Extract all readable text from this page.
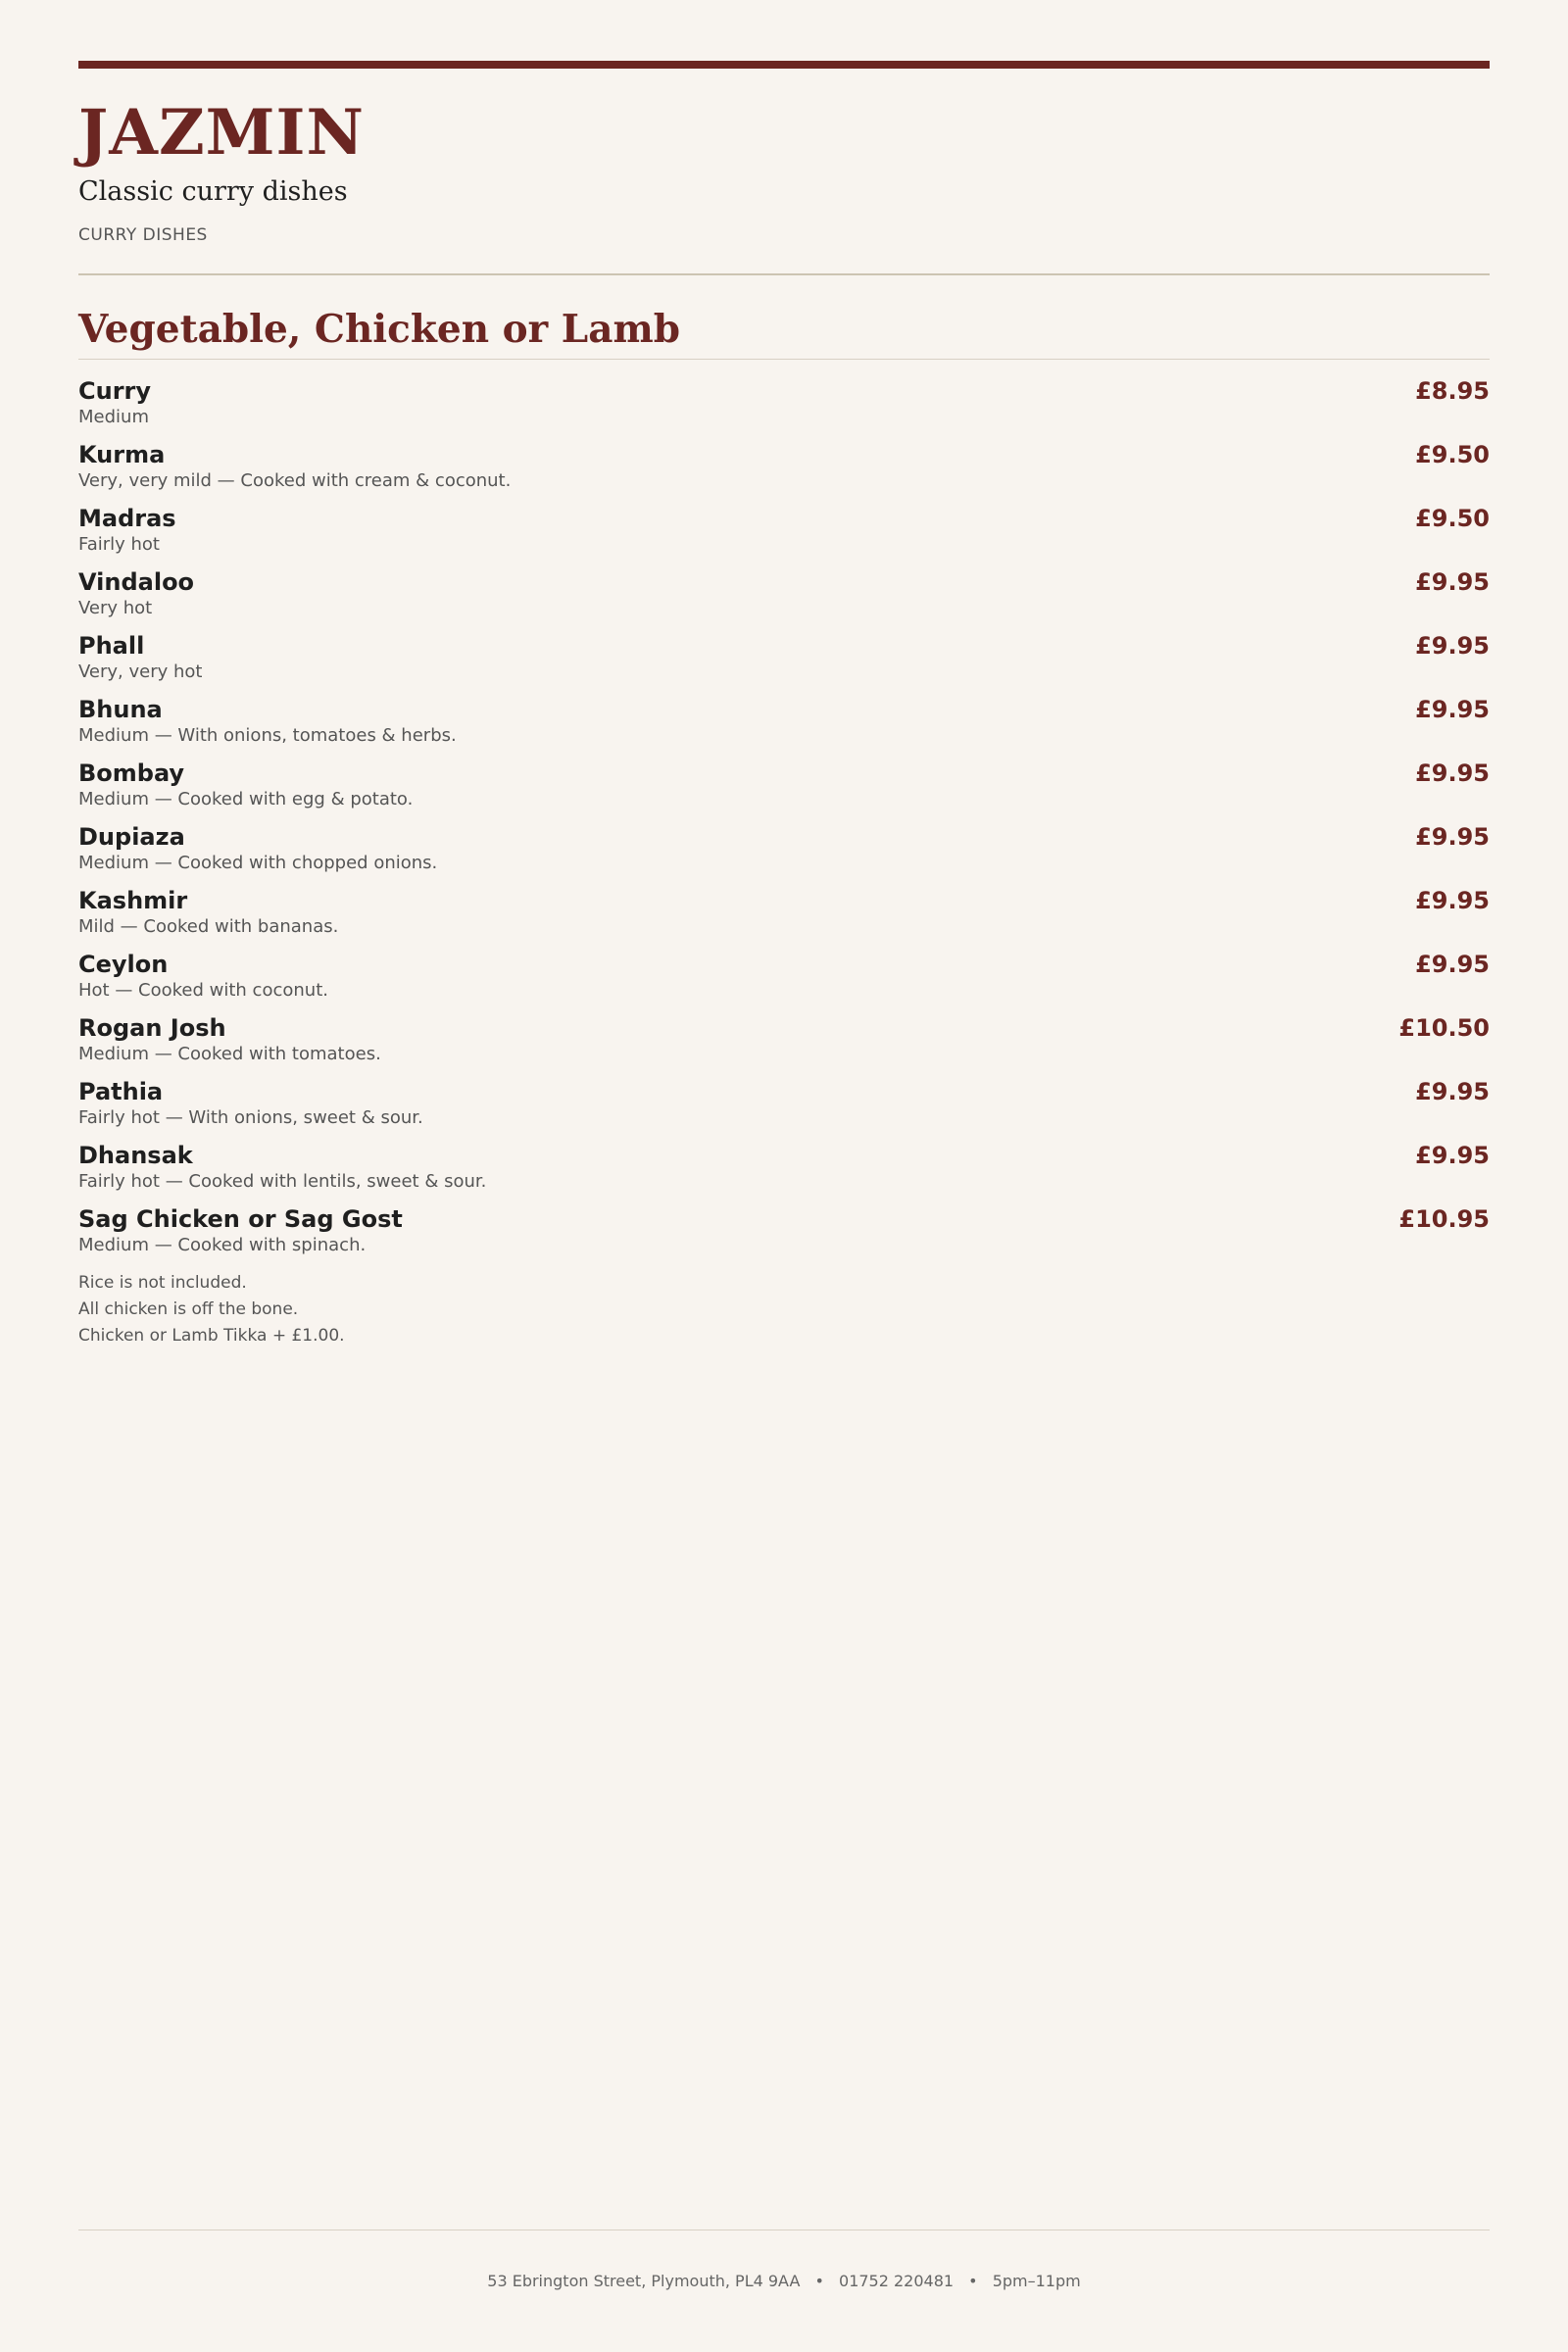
JAZMIN
Classic curry dishes
CURRY DISHES
Vegetable, Chicken or Lamb
Curry	£8.95
Medium
Kurma	£9.50
Very, very mild — Cooked with cream & coconut.
Madras	£9.50
Fairly hot
Vindaloo	£9.95
Very hot
Phall	£9.95
Very, very hot
Bhuna	£9.95
Medium — With onions, tomatoes & herbs.
Bombay	£9.95
Medium — Cooked with egg & potato.
Dupiaza	£9.95
Medium — Cooked with chopped onions.
Kashmir	£9.95
Mild — Cooked with bananas.
Ceylon	£9.95
Hot — Cooked with coconut.
Rogan Josh	£10.50
Medium — Cooked with tomatoes.
Pathia	£9.95
Fairly hot — With onions, sweet & sour.
Dhansak	£9.95
Fairly hot — Cooked with lentils, sweet & sour.
Sag Chicken or Sag Gost	£10.95
Medium — Cooked with spinach.
Rice is not included.
All chicken is off the bone.
Chicken or Lamb Tikka + £1.00.
53 Ebrington Street, Plymouth, PL4 9AA • 01752 220481 • 5pm–11pm
